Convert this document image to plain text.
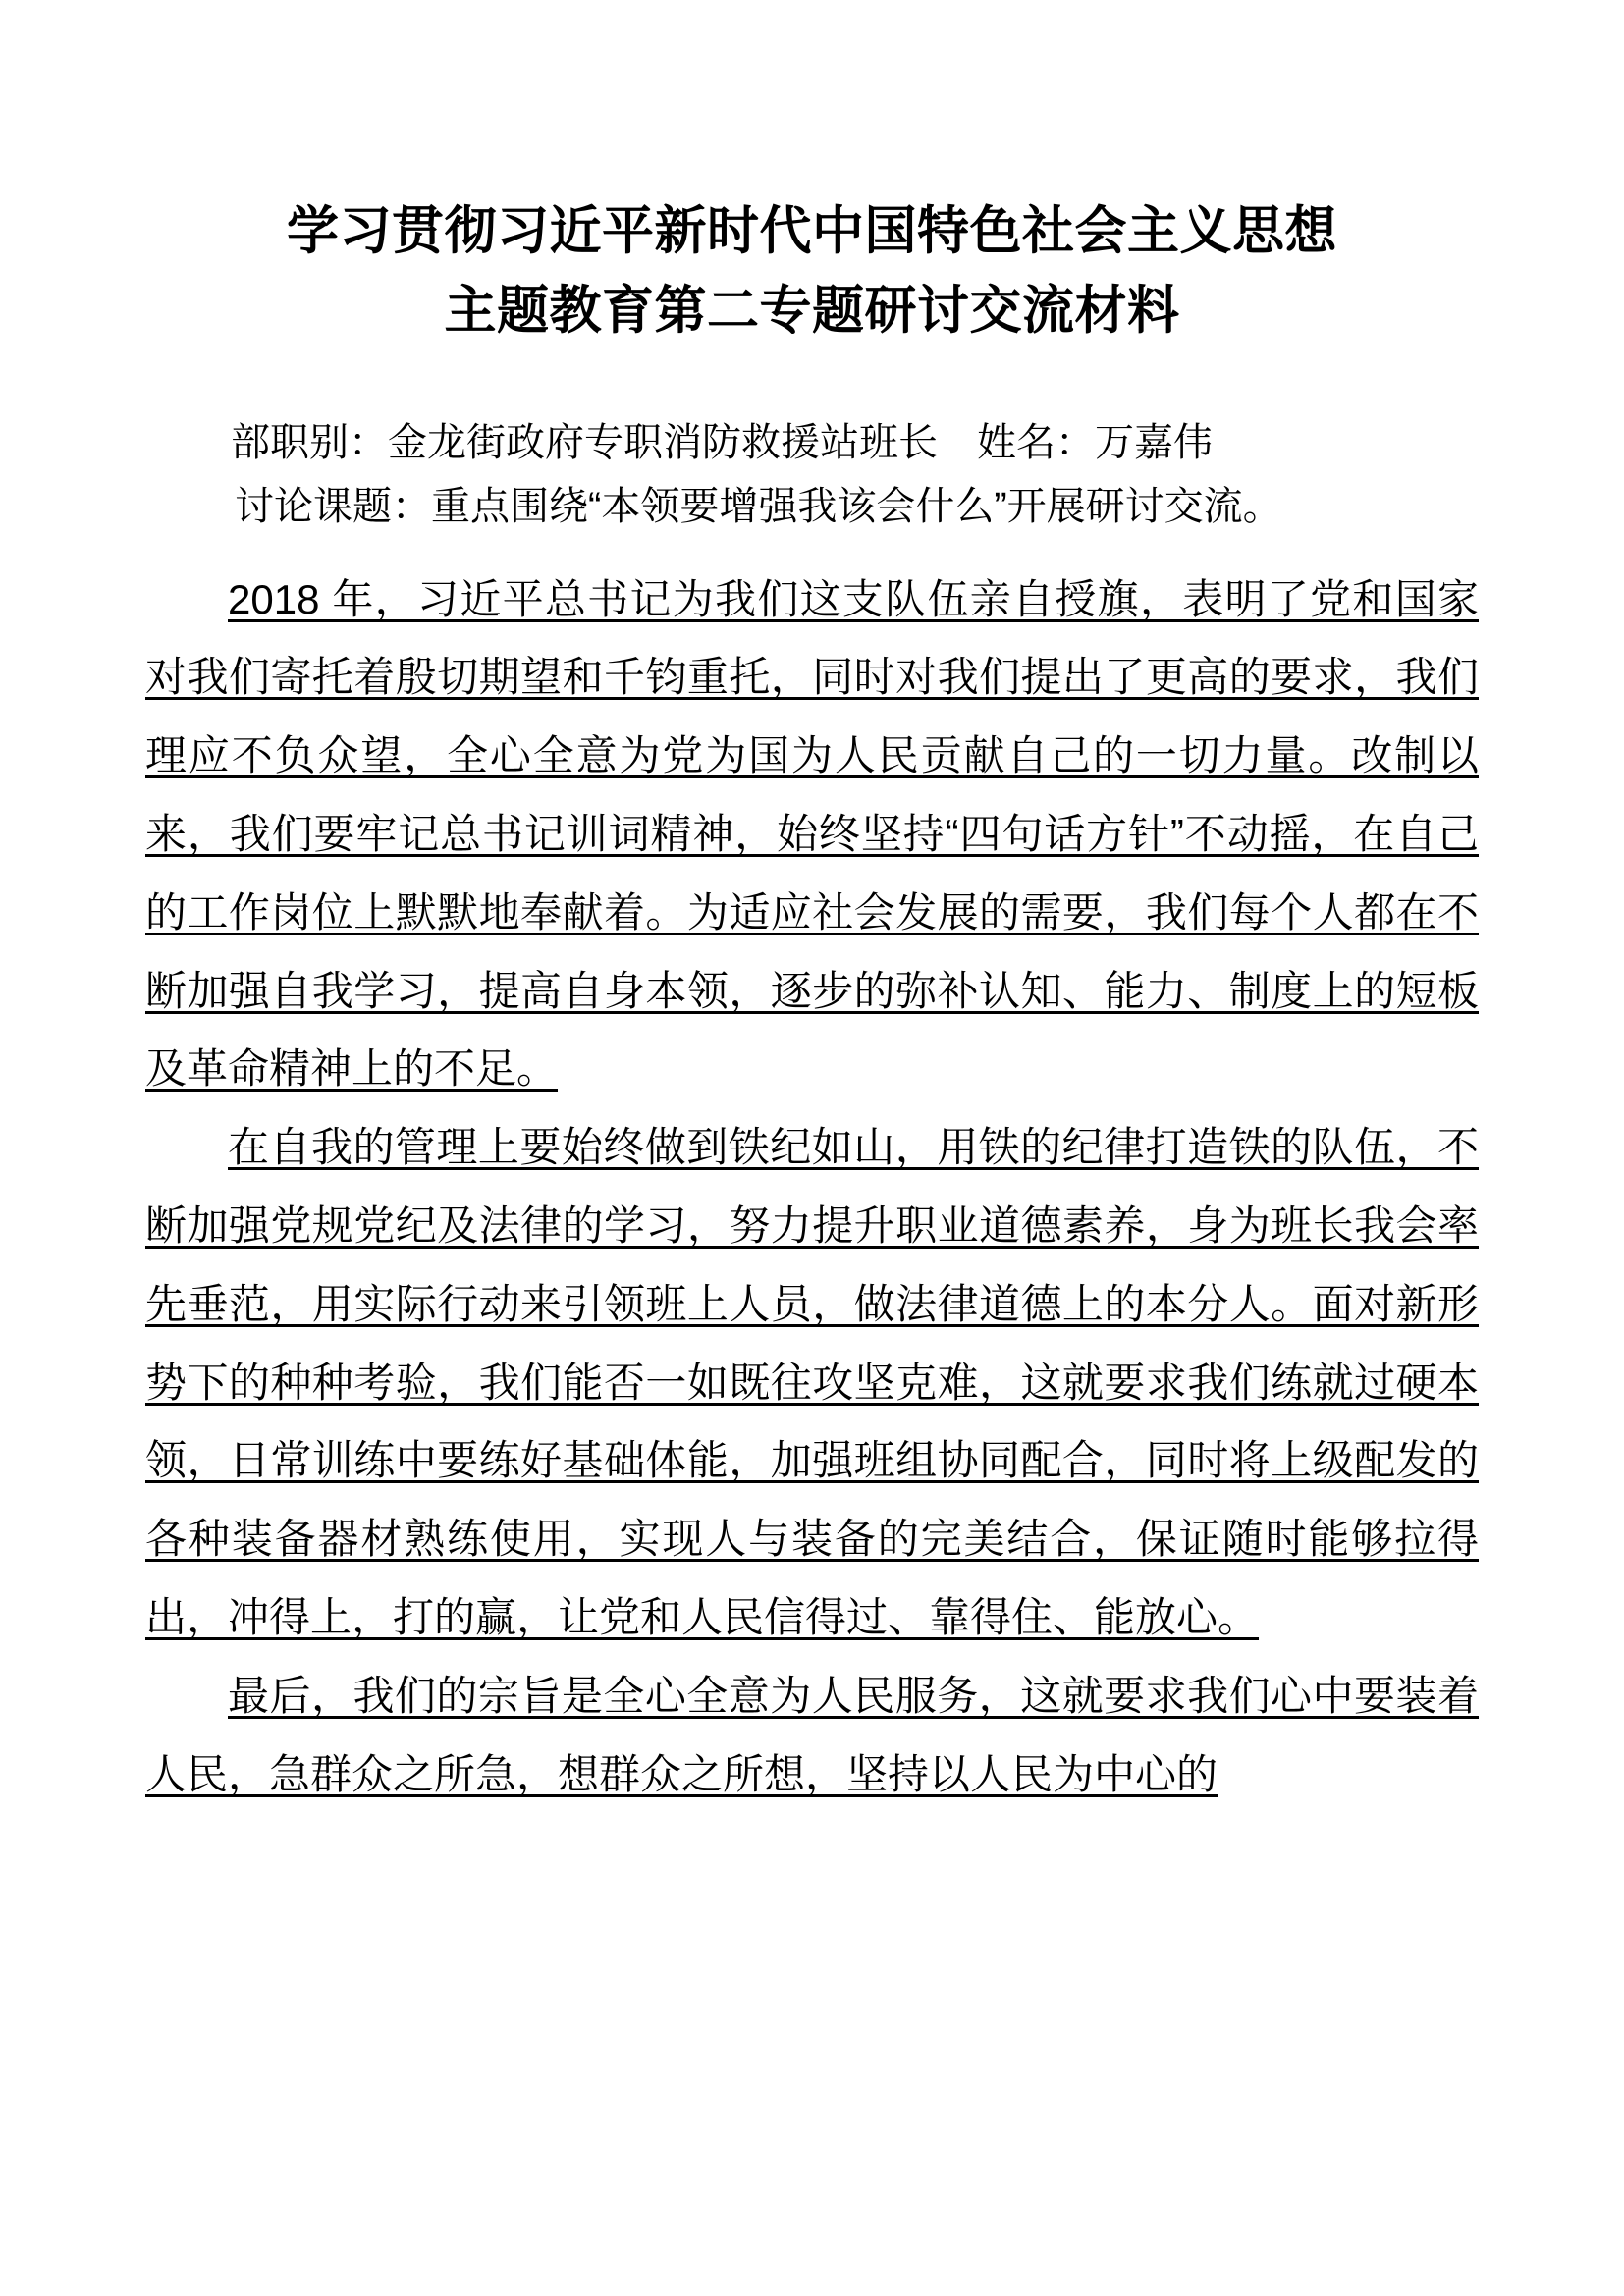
学习贯彻习近平新时代中国特色社会主义思想
主题教育第二专题研讨交流材料
部职别：金龙街政府专职消防救援站班长　姓名：万嘉伟
讨论课题：重点围绕“本领要增强我该会什么”开展研讨交流。

2018 年，习近平总书记为我们这支队伍亲自授旗，表明了党和国家对我们寄托着殷切期望和千钧重托，同时对我们提出了更高的要求，我们理应不负众望，全心全意为党为国为人民贡献自己的一切力量。改制以来，我们要牢记总书记训词精神，始终坚持“四句话方针”不动摇，在自己的工作岗位上默默地奉献着。为适应社会发展的需要，我们每个人都在不断加强自我学习，提高自身本领，逐步的弥补认知、能力、制度上的短板及革命精神上的不足。

在自我的管理上要始终做到铁纪如山，用铁的纪律打造铁的队伍，不断加强党规党纪及法律的学习，努力提升职业道德素养，身为班长我会率先垂范，用实际行动来引领班上人员，做法律道德上的本分人。面对新形势下的种种考验，我们能否一如既往攻坚克难，这就要求我们练就过硬本领，日常训练中要练好基础体能，加强班组协同配合，同时将上级配发的各种装备器材熟练使用，实现人与装备的完美结合，保证随时能够拉得出，冲得上，打的赢，让党和人民信得过、靠得住、能放心。

最后，我们的宗旨是全心全意为人民服务，这就要求我们心中要装着人民，急群众之所急，想群众之所想，坚持以人民为中心的
